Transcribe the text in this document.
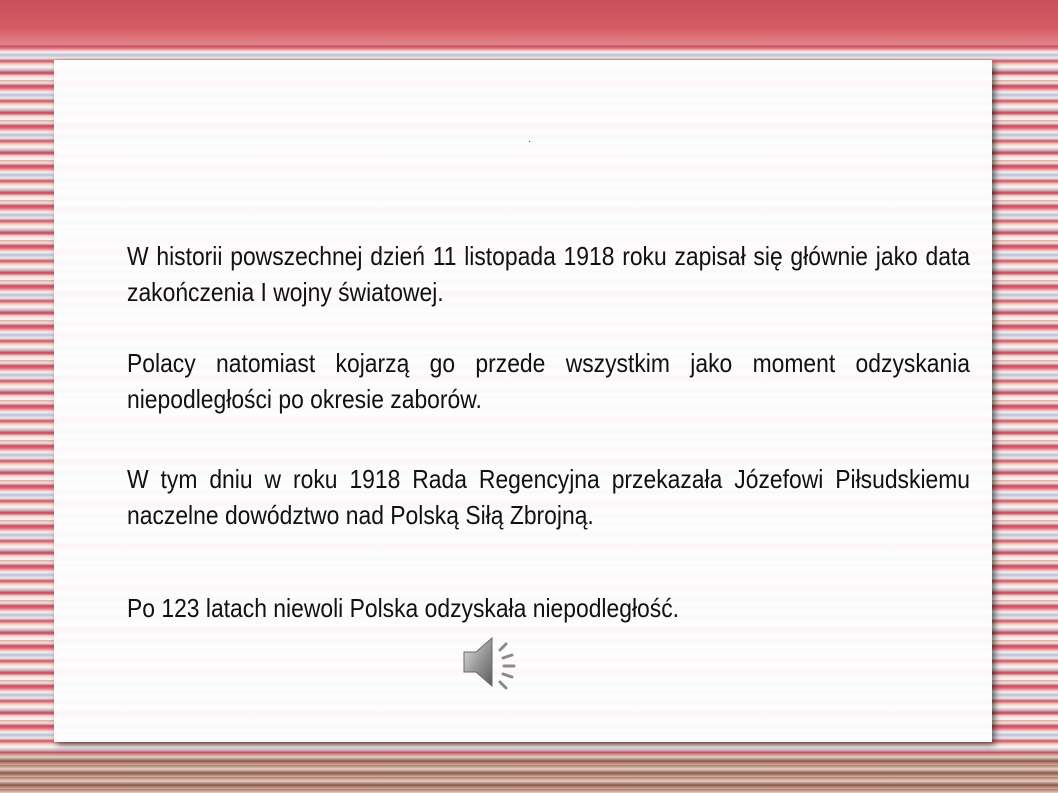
·
W historii powszechnej dzień 11 listopada 1918 roku zapisał się głównie jako data zakończenia I wojny światowej.
Polacy natomiast kojarzą go przede wszystkim jako moment odzyskania niepodległości po okresie zaborów.
W tym dniu w roku 1918 Rada Regencyjna przekazała Józefowi Piłsudskiemu naczelne dowództwo nad Polską Siłą Zbrojną.
Po 123 latach niewoli Polska odzyskała niepodległość.
